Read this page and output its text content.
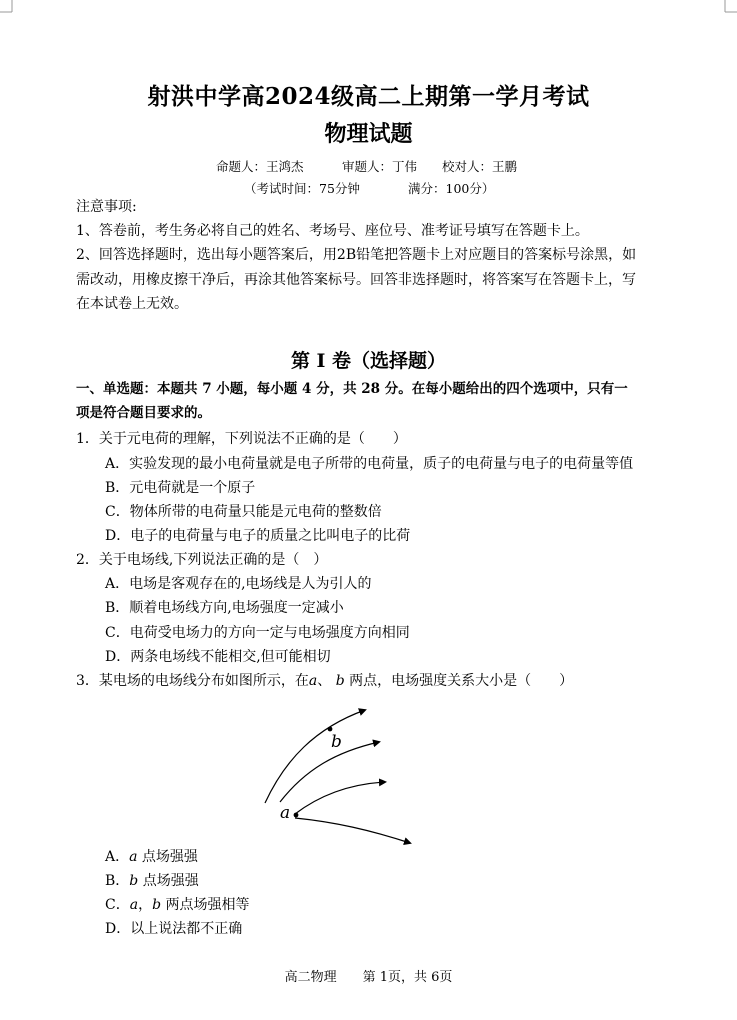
射洪中学高2024级高二上期第一学月考试
物理试题
命题人：王鸿杰	审题人：丁伟 校对人：王鹏
（考试时间：75分钟	满分：100分）
注意事项:
1、答卷前，考生务必将自己的姓名、考场号、座位号、准考证号填写在答题卡上。
2、回答选择题时，选出每小题答案后，用2B铅笔把答题卡上对应题目的答案标号涂黑，如
需改动，用橡皮擦干净后，再涂其他答案标号。回答非选择题时，将答案写在答题卡上，写
在本试卷上无效。
第 I 卷（选择题）
一、单选题：本题共 7 小题，每小题 4 分，共 28 分。在每小题给出的四个选项中，只有一
项是符合题目要求的。
1．关于元电荷的理解，下列说法不正确的是（　　）
A．实验发现的最小电荷量就是电子所带的电荷量，质子的电荷量与电子的电荷量等值
B．元电荷就是一个原子
C．物体所带的电荷量只能是元电荷的整数倍
D．电子的电荷量与电子的质量之比叫电子的比荷
2．关于电场线,下列说法正确的是（　）
A．电场是客观存在的,电场线是人为引人的
B．顺着电场线方向,电场强度一定减小
C．电荷受电场力的方向一定与电场强度方向相同
D．两条电场线不能相交,但可能相切
3．某电场的电场线分布如图所示，在a、 b 两点，电场强度关系大小是（　　）
b
a
A．a 点场强强
B．b 点场强强
C．a，b 两点场强相等
D．以上说法都不正确
高二物理 第 1页，共 6页
